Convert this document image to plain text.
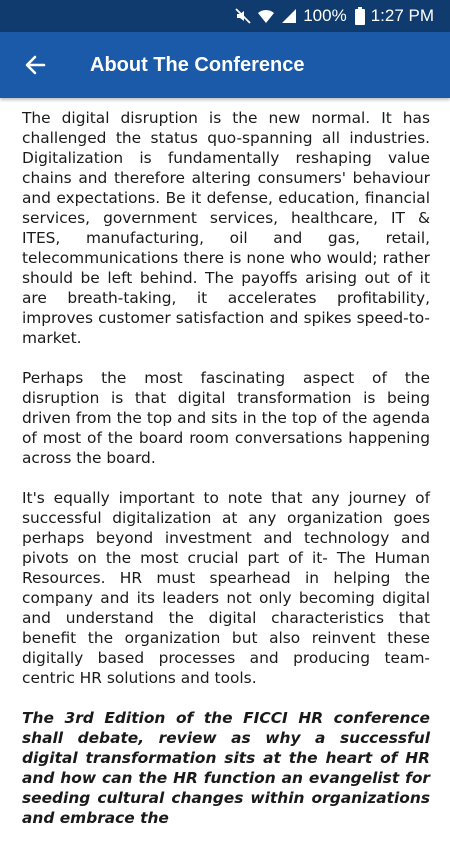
100% 1:27 PM
About The Conference

The digital disruption is the new normal. It has challenged the status quo-spanning all industries. Digitalization is fundamentally reshaping value chains and therefore altering consumers' behaviour and expectations. Be it defense, education, financial services, government services, healthcare, IT & ITES, manufacturing, oil and gas, retail, telecommunications there is none who would; rather should be left behind. The payoffs arising out of it are breath-taking, it accelerates profitability, improves customer satisfaction and spikes speed-to-market.

Perhaps the most fascinating aspect of the disruption is that digital transformation is being driven from the top and sits in the top of the agenda of most of the board room conversations happening across the board.

It's equally important to note that any journey of successful digitalization at any organization goes perhaps beyond investment and technology and pivots on the most crucial part of it- The Human Resources. HR must spearhead in helping the company and its leaders not only becoming digital and understand the digital characteristics that benefit the organization but also reinvent these digitally based processes and producing team-centric HR solutions and tools.

The 3rd Edition of the FICCI HR conference shall debate, review as why a successful digital transformation sits at the heart of HR and how can the HR function an evangelist for seeding cultural changes within organizations and embrace the
